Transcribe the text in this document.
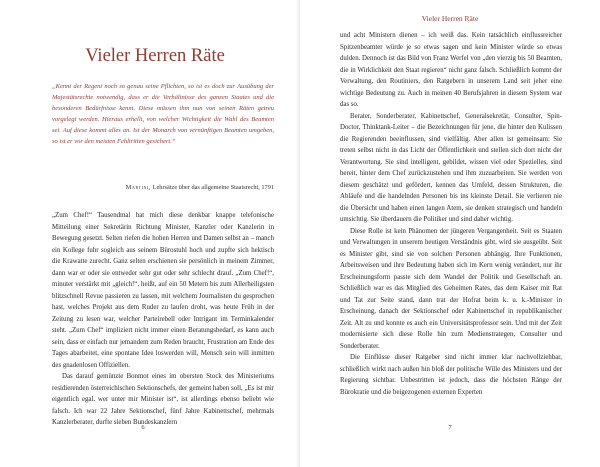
Vieler Herren Räte
„Kennt der Regent noch so genau seine Pflichten, so ist es doch zur Ausübung der Majestätsrechte notwendig, dass er die Verhältnisse des ganzen Staates und die besonderen Bedürfnisse kennt. Diese müssen ihm nun von seinen Räten getreu vorgelegt werden. Hieraus erhellt, von welcher Wichtigkeit die Wahl des Beamten sei. Auf diese kommt alles an. Ist der Monarch von vernünftigen Beamten umgeben, so ist er vor den meisten Fehltritten gesichert.“
Martini, Lehrsätze über das allgemeine Staatsrecht, 1791

„Zum Chef!“ Tausendmal hat mich diese denkbar knappe telefonische Mitteilung einer Sekretärin Richtung Minister, Kanzler oder Kanzlerin in Bewegung gesetzt. Selten riefen die hohen Herren und Damen selbst an – manch ein Kollege fuhr sogleich aus seinem Bürostuhl hoch und zupfte sich hektisch die Krawatte zurecht. Ganz selten erschienen sie persönlich in meinem Zimmer, dann war er oder sie entweder sehr gut oder sehr schlecht drauf. „Zum Chef!“, minuter verstärkt mit „gleich!“, heißt, auf ein 50 Metern bis zum Allerheiligsten blitzschnell Revue passieren zu lassen, mit welchem Journalisten du gesprochen hast, welches Projekt aus dem Ruder zu laufen droht, was heute Früh in der Zeitung zu lesen war, welcher Parteirebell oder Intrigant im Terminkalender steht. „Zum Chef“ impliziert nicht immer einen Beratungsbedarf, es kann auch sein, dass er einfach nur jemandem zum Reden braucht, Frustration am Ende des Tages abarbeitet, eine spontane Idee loswerden will, Mensch sein will inmitten des gnadenlosen Offiziellen.

Das darauf gemünzte Bonmot eines im obersten Stock des Ministeriums residierenden österreichischen Sektionschefs, der gemeint haben soll, „Es ist mir eigentlich egal, wer unter mir Minister ist“, ist allerdings ebenso beliebt wie falsch. Ich war 22 Jahre Sektionschef, fünf Jahre Kabinettschef, mehrmals Kanzlerberater, durfte sieben Bundeskanzlern

6
Vieler Herren Räte

und acht Ministern dienen – ich weiß das. Kein tatsächlich einflussreicher Spitzenbeamter würde je so etwas sagen und kein Minister würde so etwas dulden. Dennoch ist das Bild von Franz Werfel von „den vierzig bis 50 Beamten, die in Wirklichkeit den Staat regieren“ nicht ganz falsch. Schließlich kommt der Verwaltung, den Routiniers, den Ratgebern in unserem Land seit jeher eine wichtige Bedeutung zu. Auch in meinen 40 Berufsjahren in diesem System war das so.

Berater, Sonderberater, Kabinettschef, Generalsekretär, Consulter, Spin-Doctor, Thinktank-Leiter – die Bezeichnungen für jene, die hinter den Kulissen die Regierenden beeinflussen, sind vielfältig. Aber allen ist gemeinsam: Sie treten selbst nicht in das Licht der Öffentlichkeit und stellen sich dort nicht der Verantwortung. Sie sind intelligent, gebildet, wissen viel oder Spezielles, sind bereit, hinter dem Chef zurückzustehen und ihm zuzuarbeiten. Sie werden von diesem geschätzt und gefördert, kennen das Umfeld, dessen Strukturen, die Abläufe und die handelnden Personen bis ins kleinste Detail. Sie verlieren nie die Übersicht und haben einen langen Atem, sie denken strategisch und handeln umsichtig. Sie überdauern die Politiker und sind daher wichtig.

Diese Rolle ist kein Phänomen der jüngeren Vergangenheit. Seit es Staaten und Verwaltungen in unserem heutigen Verständnis gibt, wird sie ausgeübt. Seit es Minister gibt, sind sie von solchen Personen abhängig. Ihre Funktionen, Arbeitsweisen und ihre Bedeutung haben sich im Kern wenig verändert, nur ihr Erscheinungsform passte sich dem Wandel der Politik und Gesellschaft an. Schließlich war es das Mitglied des Geheimen Rates, das dem Kaiser mit Rat und Tat zur Seite stand, dann trat der Hofrat beim k. u. k.-Minister in Erscheinung, danach der Sektionschef oder Kabinettschef in republikanischer Zeit. Alt zu und konnte es auch ein Universitätsprofessor sein. Und mit der Zeit modernisierte sich diese Rolle hin zum Medienstrategen, Consulter und Sonderberater.

Die Einflüsse dieser Ratgeber sind nicht immer klar nachvollziehbar, schließlich wirkt nach außen hin bloß der politische Wille des Ministers und der Regierung sichtbar. Unbestritten ist jedoch, dass die höchsten Ränge der Bürokratie und die beigezogenen externen Experten

7
